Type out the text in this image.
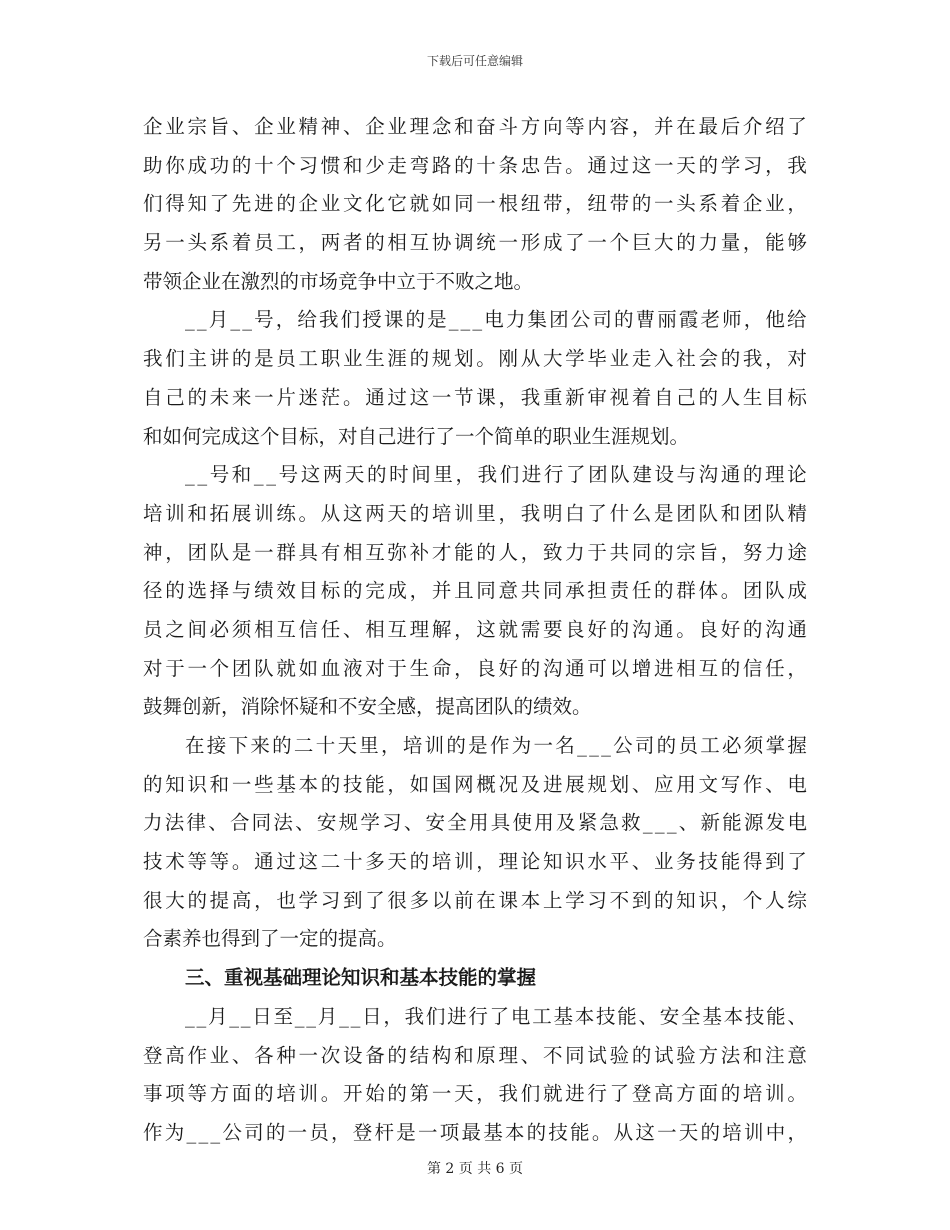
下载后可任意编辑
企 业 宗 旨 、 企 业 精 神 、 企 业 理 念 和 奋 斗 方 向 等 内 容 ， 并 在 最 后 介 绍 了
助 你 成 功 的 十 个 习 惯 和 少 走 弯 路 的 十 条 忠 告 。 通 过 这 一 天 的 学 习 ， 我
们 得 知 了 先 进 的 企 业 文 化 它 就 如 同 一 根 纽 带 ， 纽 带 的 一 头 系 着 企 业 ，
另 一 头 系 着 员 工 ， 两 者 的 相 互 协 调 统 一 形 成 了 一 个 巨 大 的 力 量 ， 能 够
带领企业在激烈的市场竞争中立于不败之地。
_ _ 月 _ _ 号 ， 给 我 们 授 课 的 是 _ _ _ 电 力 集 团 公 司 的 曹 丽 霞 老 师 ， 他 给
我 们 主 讲 的 是 员 工 职 业 生 涯 的 规 划 。 刚 从 大 学 毕 业 走 入 社 会 的 我 ， 对
自 己 的 未 来 一 片 迷 茫 。 通 过 这 一 节 课 ， 我 重 新 审 视 着 自 己 的 人 生 目 标
和如何完成这个目标，对自己进行了一个简单的职业生涯规划。
_ _ 号 和 _ _ 号 这 两 天 的 时 间 里 ， 我 们 进 行 了 团 队 建 设 与 沟 通 的 理 论
培 训 和 拓 展 训 练 。 从 这 两 天 的 培 训 里 ， 我 明 白 了 什 么 是 团 队 和 团 队 精
神 ， 团 队 是 一 群 具 有 相 互 弥 补 才 能 的 人 ， 致 力 于 共 同 的 宗 旨 ， 努 力 途
径 的 选 择 与 绩 效 目 标 的 完 成 ， 并 且 同 意 共 同 承 担 责 任 的 群 体 。 团 队 成
员 之 间 必 须 相 互 信 任 、 相 互 理 解 ， 这 就 需 要 良 好 的 沟 通 。 良 好 的 沟 通
对 于 一 个 团 队 就 如 血 液 对 于 生 命 ， 良 好 的 沟 通 可 以 增 进 相 互 的 信 任 ，
鼓舞创新，消除怀疑和不安全感，提高团队的绩效。
在 接 下 来 的 二 十 天 里 ， 培 训 的 是 作 为 一 名 _ _ _ 公 司 的 员 工 必 须 掌 握
的 知 识 和 一 些 基 本 的 技 能 ， 如 国 网 概 况 及 进 展 规 划 、 应 用 文 写 作 、 电
力 法 律 、 合 同 法 、 安 规 学 习 、 安 全 用 具 使 用 及 紧 急 救 _ _ _ 、 新 能 源 发 电
技 术 等 等 。 通 过 这 二 十 多 天 的 培 训 ， 理 论 知 识 水 平 、 业 务 技 能 得 到 了
很 大 的 提 高 ， 也 学 习 到 了 很 多 以 前 在 课 本 上 学 习 不 到 的 知 识 ， 个 人 综
合素养也得到了一定的提高。
三、重视基础理论知识和基本技能的掌握
_ _ 月 _ _ 日 至 _ _ 月 _ _ 日 ， 我 们 进 行 了 电 工 基 本 技 能 、 安 全 基 本 技 能 、
登 高 作 业 、 各 种 一 次 设 备 的 结 构 和 原 理 、 不 同 试 验 的 试 验 方 法 和 注 意
事 项 等 方 面 的 培 训 。 开 始 的 第 一 天 ， 我 们 就 进 行 了 登 高 方 面 的 培 训 。
作 为 _ _ _ 公 司 的 一 员 ， 登 杆 是 一 项 最 基 本 的 技 能 。 从 这 一 天 的 培 训 中 ，
第 2 页 共 6 页
